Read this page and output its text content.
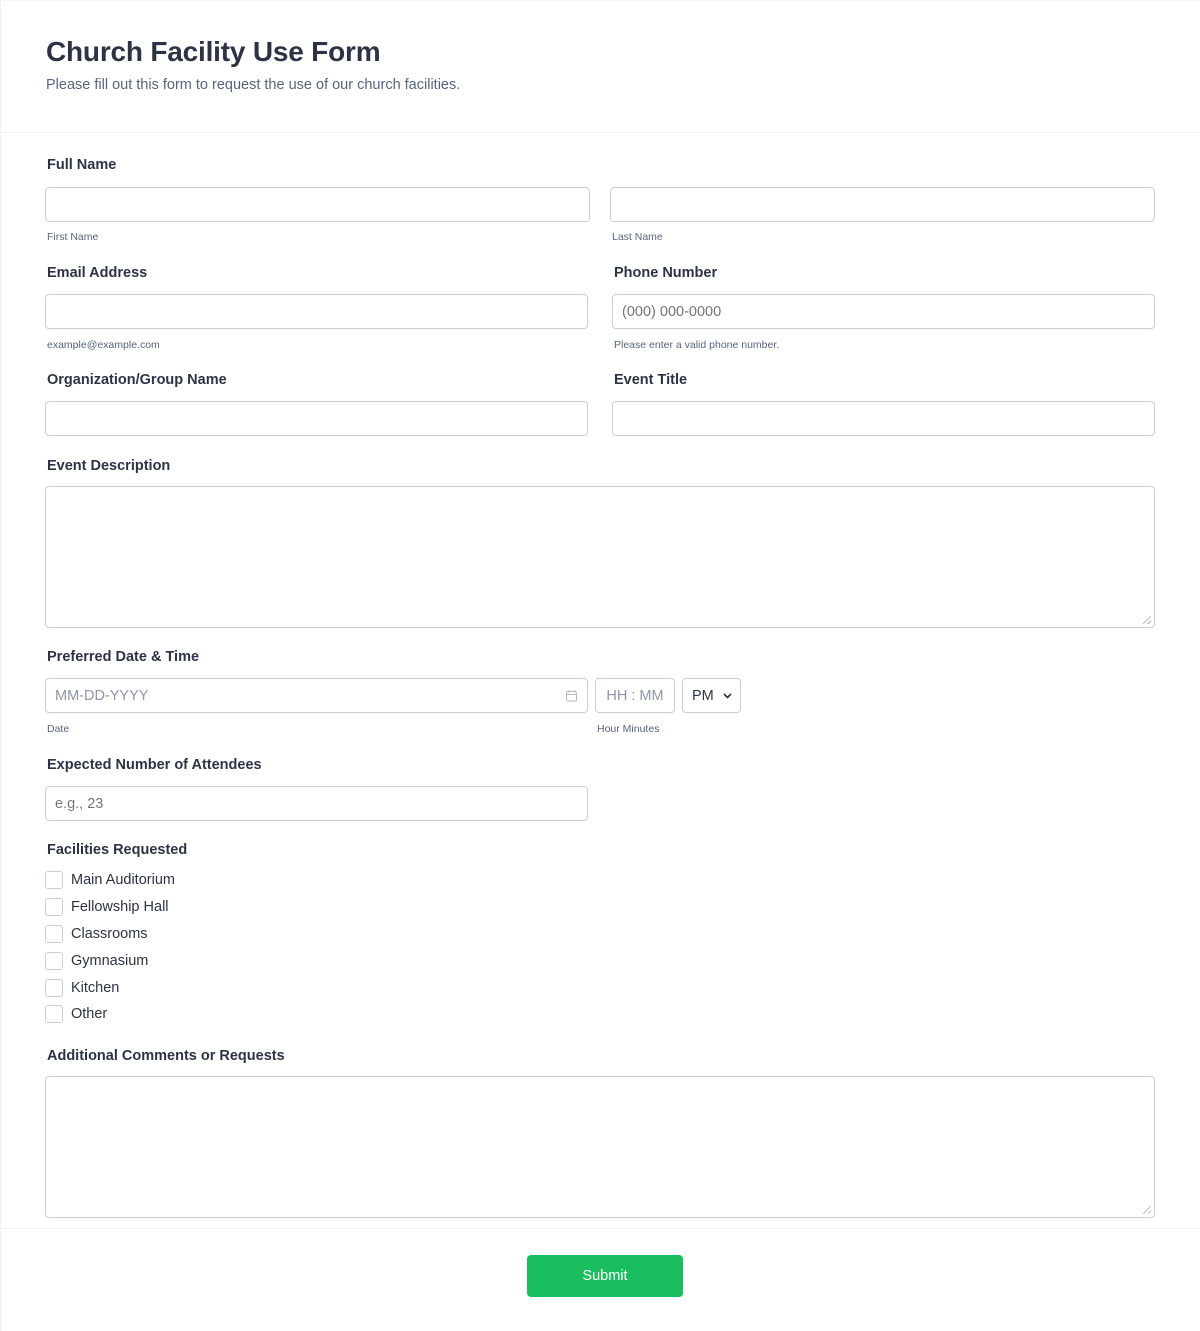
Church Facility Use Form
Please fill out this form to request the use of our church facilities.
Full Name
First Name	Last Name
Email Address
example@example.com
Phone Number
(000) 000-0000
Please enter a valid phone number.
Organization/Group Name	Event Title
Event Description
Preferred Date & Time
MM-DD-YYYY
Date
HH : MM
Hour Minutes
PM
Expected Number of Attendees
e.g., 23
Facilities Requested
Main Auditorium
Fellowship Hall
Classrooms
Gymnasium
Kitchen
Other
Additional Comments or Requests
Submit
